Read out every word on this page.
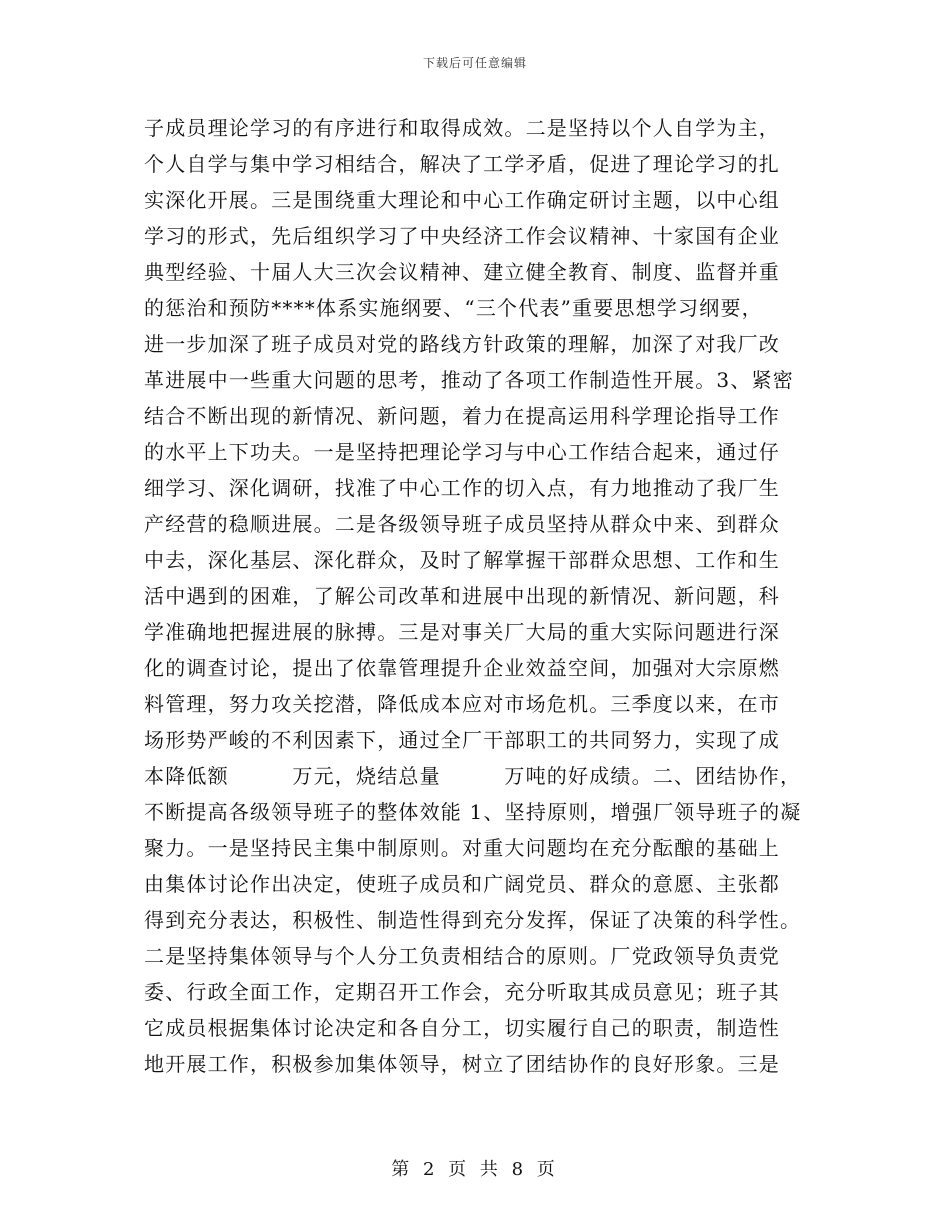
下载后可任意编辑
子成员理论学习的有序进行和取得成效。二是坚持以个人自学为主，
个人自学与集中学习相结合，解决了工学矛盾，促进了理论学习的扎
实深化开展。三是围绕重大理论和中心工作确定研讨主题，以中心组
学习的形式，先后组织学习了中央经济工作会议精神、十家国有企业
典型经验、十届人大三次会议精神、建立健全教育、制度、监督并重
的惩治和预防****体系实施纲要、“三个代表”重要思想学习纲要，
进一步加深了班子成员对党的路线方针政策的理解，加深了对我厂改
革进展中一些重大问题的思考，推动了各项工作制造性开展。3、紧密
结合不断出现的新情况、新问题，着力在提高运用科学理论指导工作
的水平上下功夫。一是坚持把理论学习与中心工作结合起来，通过仔
细学习、深化调研，找准了中心工作的切入点，有力地推动了我厂生
产经营的稳顺进展。二是各级领导班子成员坚持从群众中来、到群众
中去，深化基层、深化群众，及时了解掌握干部群众思想、工作和生
活中遇到的困难，了解公司改革和进展中出现的新情况、新问题，科
学准确地把握进展的脉搏。三是对事关厂大局的重大实际问题进行深
化的调查讨论，提出了依靠管理提升企业效益空间，加强对大宗原燃
料管理，努力攻关挖潜，降低成本应对市场危机。三季度以来，在市
场形势严峻的不利因素下，通过全厂干部职工的共同努力，实现了成
本降低额　　　万元，烧结总量　　　万吨的好成绩。二、团结协作，
不断提高各级领导班子的整体效能 1、坚持原则，增强厂领导班子的凝
聚力。一是坚持民主集中制原则。对重大问题均在充分酝酿的基础上
由集体讨论作出决定，使班子成员和广阔党员、群众的意愿、主张都
得到充分表达，积极性、制造性得到充分发挥，保证了决策的科学性。
二是坚持集体领导与个人分工负责相结合的原则。厂党政领导负责党
委、行政全面工作，定期召开工作会，充分听取其成员意见；班子其
它成员根据集体讨论决定和各自分工，切实履行自己的职责，制造性
地开展工作，积极参加集体领导，树立了团结协作的良好形象。三是
第 2 页 共 8 页
